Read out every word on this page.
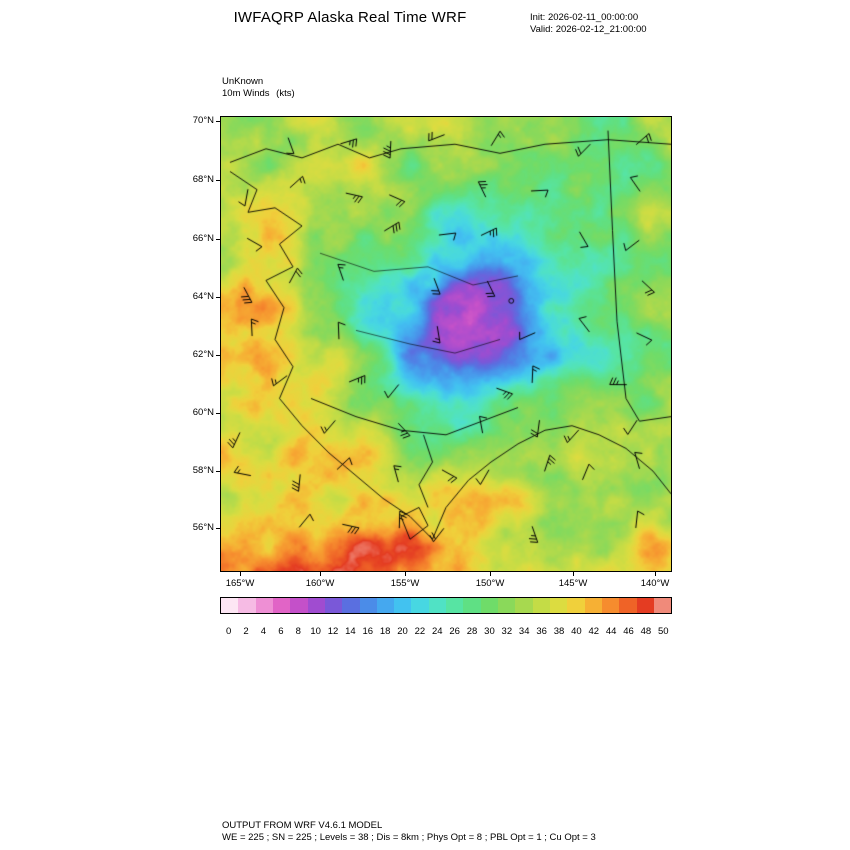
IWFAQRP Alaska Real Time WRF	Init: 2026-02-11_00:00:00
Valid: 2026-02-12_21:00:00
UnKnown
10m Winds (kts)
70°N
68°N
66°N
64°N
62°N
60°N
58°N
56°N
165°W	160°W	155°W	150°W	145°W	140°W
0 2 4 6 8 10 12 14 16 18 20 22 24 26 28 30 32 34 36 38 40 42 44 46 48 50
OUTPUT FROM WRF V4.6.1 MODEL
WE = 225 ; SN = 225 ; Levels = 38 ; Dis = 8km ; Phys Opt = 8 ; PBL Opt = 1 ; Cu Opt = 3
